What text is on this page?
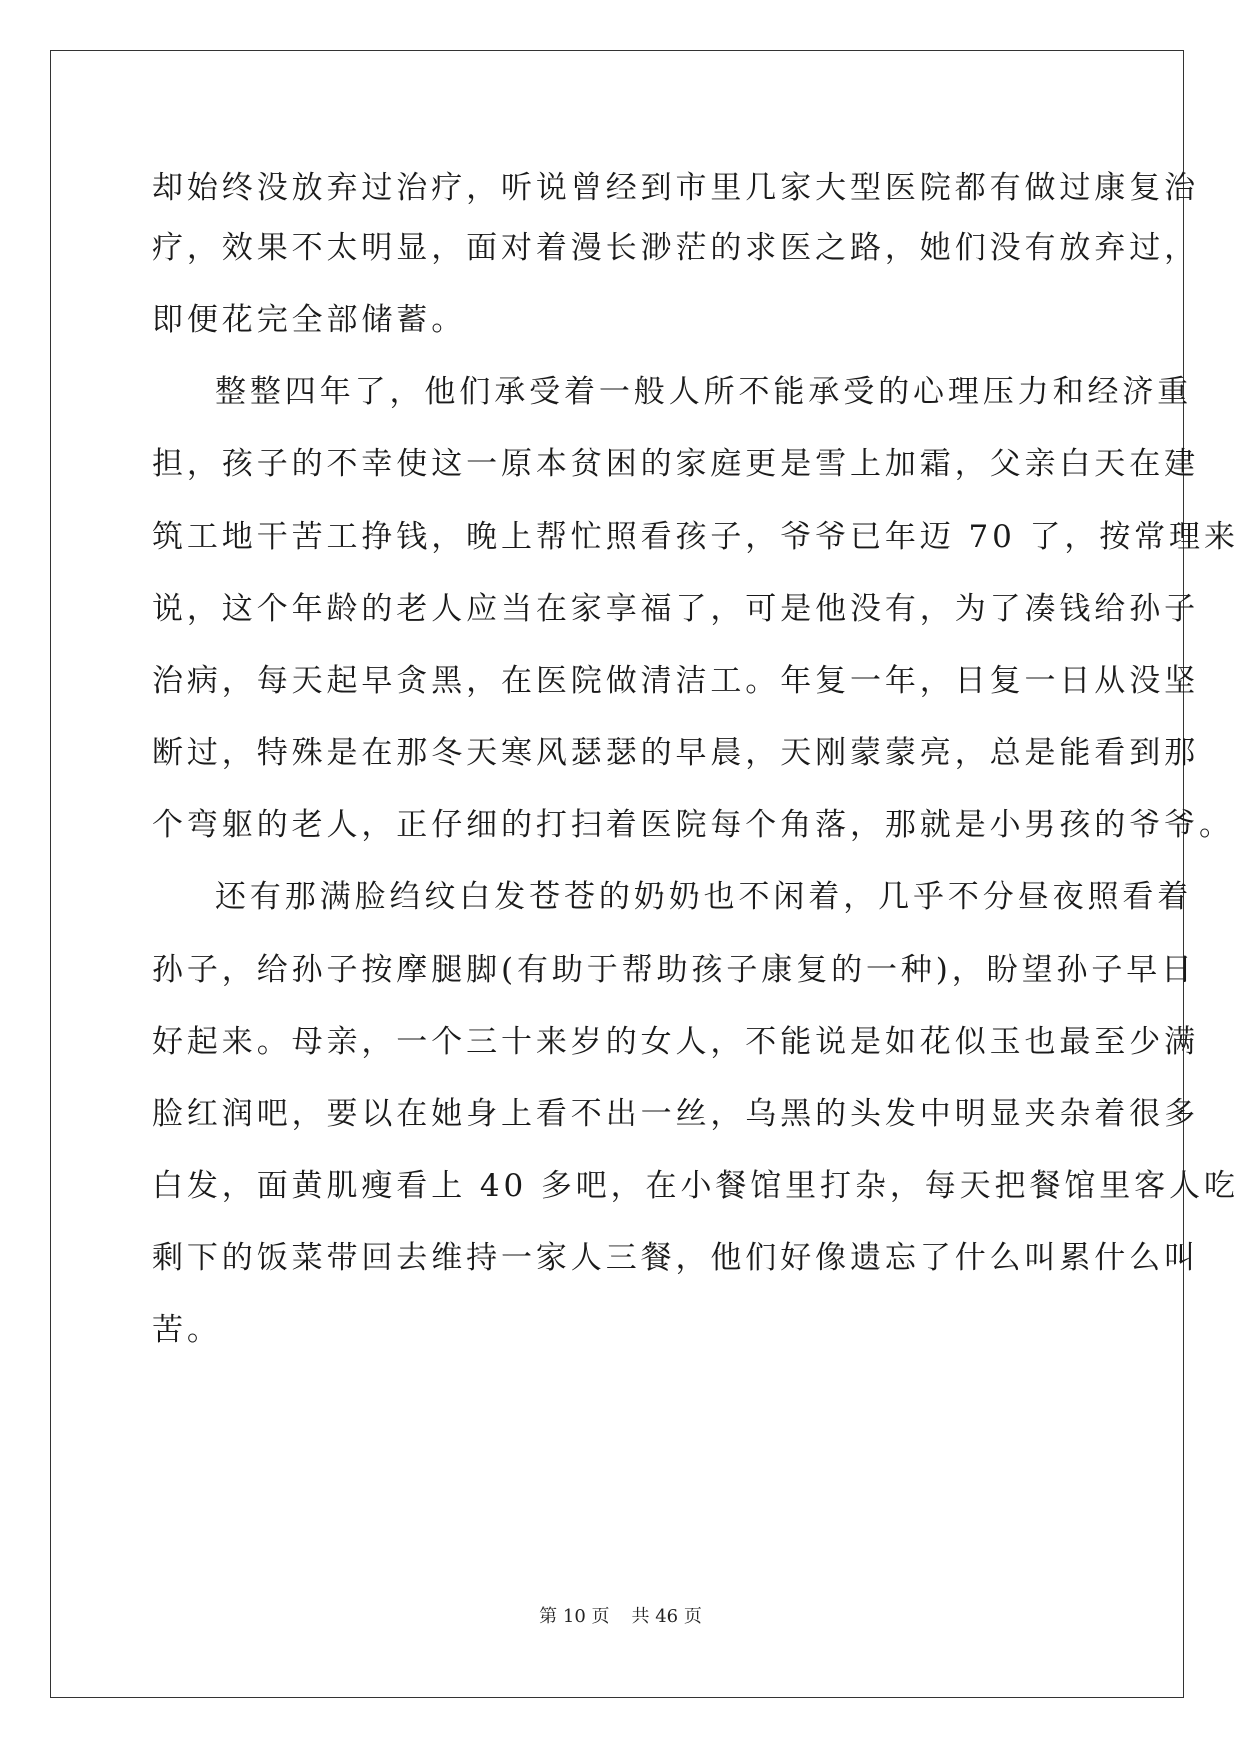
却始终没放弃过治疗，听说曾经到市里几家大型医院都有做过康复治

疗，效果不太明显，面对着漫长渺茫的求医之路，她们没有放弃过，

即便花完全部储蓄。

整整四年了，他们承受着一般人所不能承受的心理压力和经济重

担，孩子的不幸使这一原本贫困的家庭更是雪上加霜，父亲白天在建

筑工地干苦工挣钱，晚上帮忙照看孩子，爷爷已年迈 70 了，按常理来

说，这个年龄的老人应当在家享福了，可是他没有，为了凑钱给孙子

治病，每天起早贪黑，在医院做清洁工。年复一年，日复一日从没坚

断过，特殊是在那冬天寒风瑟瑟的早晨，天刚蒙蒙亮，总是能看到那

个弯躯的老人，正仔细的打扫着医院每个角落，那就是小男孩的爷爷。

还有那满脸绉纹白发苍苍的奶奶也不闲着，几乎不分昼夜照看着

孙子，给孙子按摩腿脚(有助于帮助孩子康复的一种)，盼望孙子早日

好起来。母亲，一个三十来岁的女人，不能说是如花似玉也最至少满

脸红润吧，要以在她身上看不出一丝，乌黑的头发中明显夹杂着很多

白发，面黄肌瘦看上 40 多吧，在小餐馆里打杂，每天把餐馆里客人吃

剩下的饭菜带回去维持一家人三餐，他们好像遗忘了什么叫累什么叫

苦。

第 10 页 共 46 页
